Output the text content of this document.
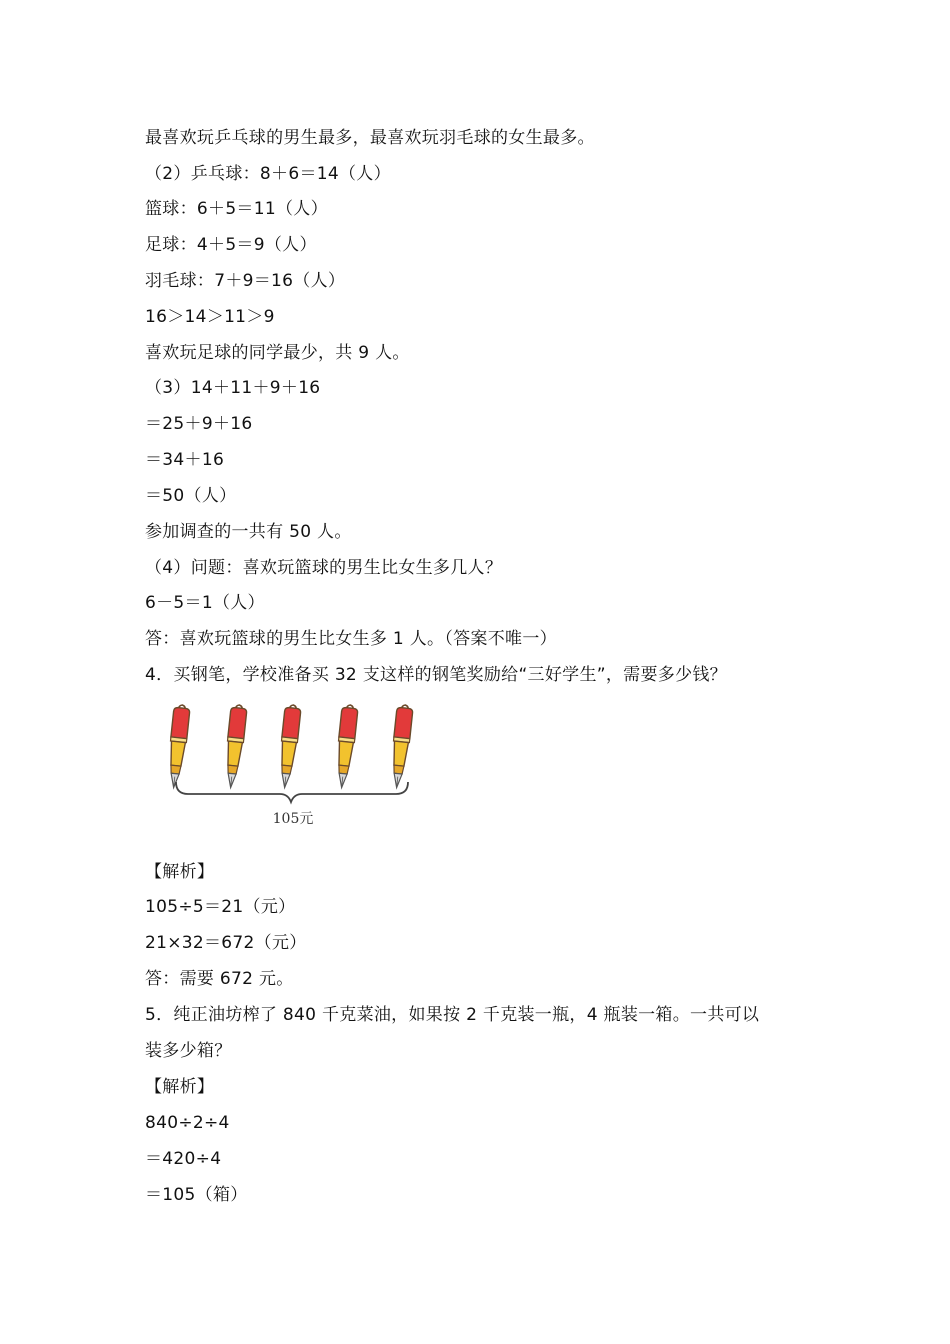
最喜欢玩乒乓球的男生最多，最喜欢玩羽毛球的女生最多。
（2）乒乓球：8＋6＝14（人）
篮球：6＋5＝11（人）
足球：4＋5＝9（人）
羽毛球：7＋9＝16（人）
16＞14＞11＞9
喜欢玩足球的同学最少，共 9 人。
（3）14＋11＋9＋16
＝25＋9＋16
＝34＋16
＝50（人）
参加调查的一共有 50 人。
（4）问题：喜欢玩篮球的男生比女生多几人？
6－5＝1（人）
答：喜欢玩篮球的男生比女生多 1 人。（答案不唯一）
4．买钢笔，学校准备买 32 支这样的钢笔奖励给“三好学生”，需要多少钱？
105元
【解析】
105÷5＝21（元）
21×32＝672（元）
答：需要 672 元。
5．纯正油坊榨了 840 千克菜油，如果按 2 千克装一瓶，4 瓶装一箱。一共可以
装多少箱？
【解析】
840÷2÷4
＝420÷4
＝105（箱）
